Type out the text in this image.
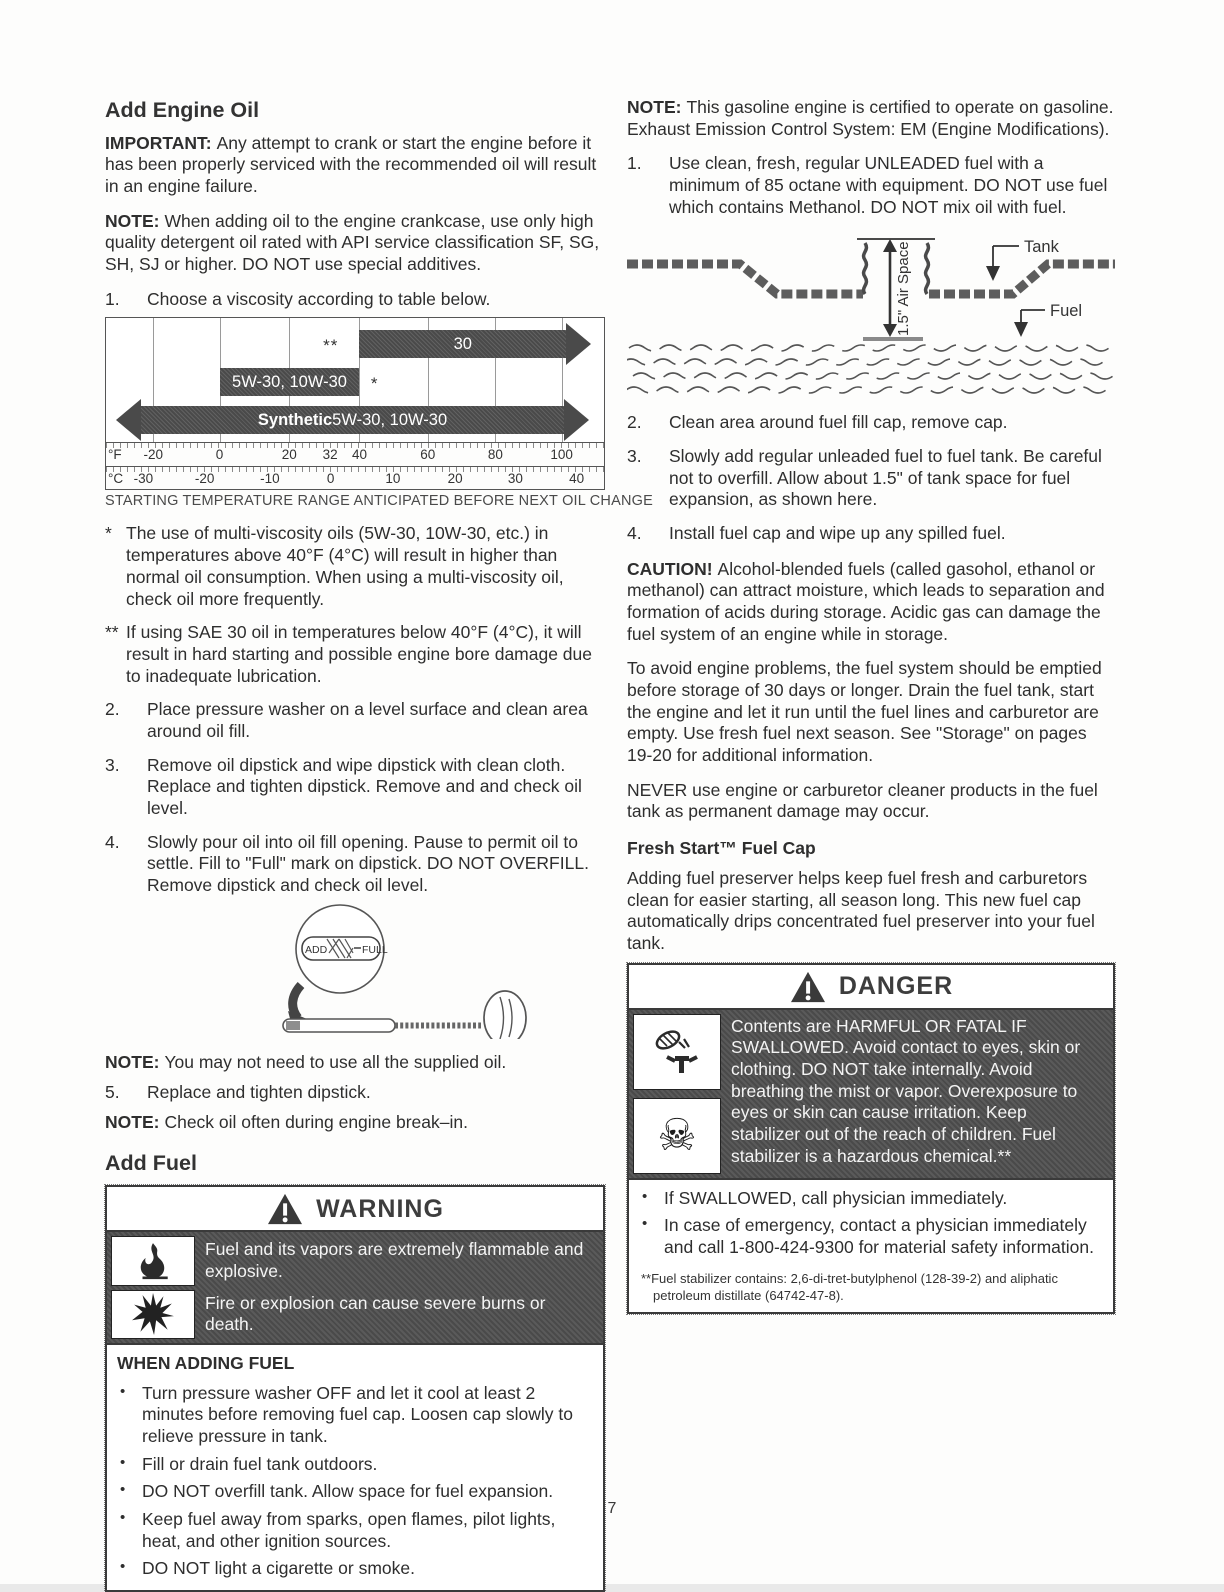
Add Engine Oil

IMPORTANT: Any attempt to crank or start the engine before it has been properly serviced with the recommended oil will result in an engine failure.

NOTE: When adding oil to the engine crankcase, use only high quality detergent oil rated with API service classification SF, SG, SH, SJ or higher. DO NOT use special additives.

1.	Choose a viscosity according to table below.
**	30
5W-30, 10W-30 *
Synthetic 5W-30, 10W-30
°F -20	0	20 32 40	60	80	100
°C -30	-20	-10	0	10	20	30	40
STARTING TEMPERATURE RANGE ANTICIPATED BEFORE NEXT OIL CHANGE
* The use of multi-viscosity oils (5W-30, 10W-30, etc.) in temperatures above 40°F (4°C) will result in higher than normal oil consumption. When using a multi-viscosity oil, check oil more frequently.
** If using SAE 30 oil in temperatures below 40°F (4°C), it will result in hard starting and possible engine bore damage due to inadequate lubrication.
2.	Place pressure washer on a level surface and clean area around oil fill.
3.	Remove oil dipstick and wipe dipstick with clean cloth. Replace and tighten dipstick. Remove and and check oil level.
4.	Slowly pour oil into oil fill opening. Pause to permit oil to settle. Fill to "Full" mark on dipstick. DO NOT OVERFILL. Remove dipstick and check oil level.
ADD	FULL

NOTE: You may not need to use all the supplied oil.

5.	Replace and tighten dipstick.

NOTE: Check oil often during engine break–in.

Add Fuel
WARNING
Fuel and its vapors are extremely flammable and explosive.
Fire or explosion can cause severe burns or death.
WHEN ADDING FUEL
• Turn pressure washer OFF and let it cool at least 2 minutes before removing fuel cap. Loosen cap slowly to relieve pressure in tank.
• Fill or drain fuel tank outdoors.
• DO NOT overfill tank. Allow space for fuel expansion.
• Keep fuel away from sparks, open flames, pilot lights, heat, and other ignition sources.
• DO NOT light a cigarette or smoke.

NOTE: This gasoline engine is certified to operate on gasoline. Exhaust Emission Control System: EM (Engine Modifications).

1.	Use clean, fresh, regular UNLEADED fuel with a minimum of 85 octane with equipment. DO NOT use fuel which contains Methanol. DO NOT mix oil with fuel.
1.5" Air Space	Tank
Fuel
2.	Clean area around fuel fill cap, remove cap.
3.	Slowly add regular unleaded fuel to fuel tank. Be careful not to overfill. Allow about 1.5" of tank space for fuel expansion, as shown here.
4.	Install fuel cap and wipe up any spilled fuel.

CAUTION! Alcohol-blended fuels (called gasohol, ethanol or methanol) can attract moisture, which leads to separation and formation of acids during storage. Acidic gas can damage the fuel system of an engine while in storage.

To avoid engine problems, the fuel system should be emptied before storage of 30 days or longer. Drain the fuel tank, start the engine and let it run until the fuel lines and carburetor are empty. Use fresh fuel next season. See "Storage" on pages 19-20 for additional information.

NEVER use engine or carburetor cleaner products in the fuel tank as permanent damage may occur.

Fresh Start™ Fuel Cap

Adding fuel preserver helps keep fuel fresh and carburetors clean for easier starting, all season long. This new fuel cap automatically drips concentrated fuel preserver into your fuel tank.

DANGER
☠
Contents are HARMFUL OR FATAL IF SWALLOWED. Avoid contact to eyes, skin or clothing. DO NOT take internally. Avoid breathing the mist or vapor. Overexposure to eyes or skin can cause irritation. Keep stabilizer out of the reach of children. Fuel stabilizer is a hazardous chemical.**
• If SWALLOWED, call physician immediately.
• In case of emergency, contact a physician immediately and call 1-800-424-9300 for material safety information.
**Fuel stabilizer contains: 2,6-di-tret-butylphenol (128-39-2) and aliphatic petroleum distillate (64742-47-8).
7
